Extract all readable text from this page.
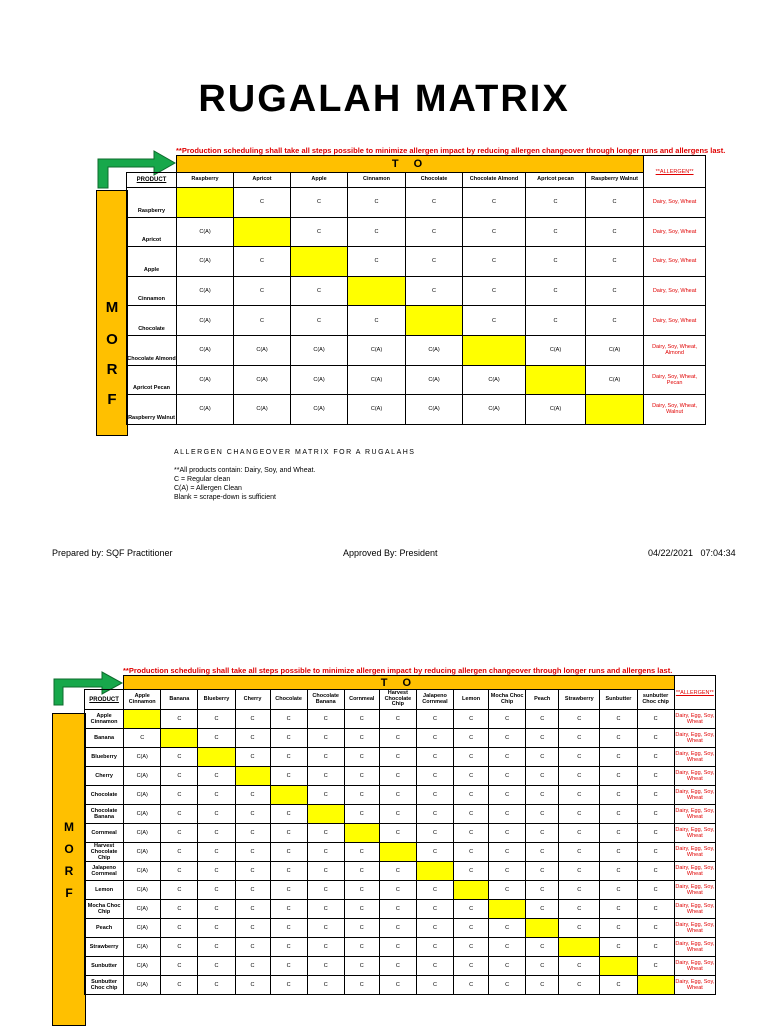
RUGALAH MATRIX
**Production scheduling shall take all steps possible to minimize allergen impact by reducing allergen changeover through longer runs and allergens last.
F
R
O
M
	T O								**ALLERGEN**
PRODUCT	Raspberry	Apricot	Apple	Cinnamon	Chocolate	Chocolate Almond	Apricot pecan	Raspberry Walnut	
Raspberry		C	C	C	C	C	C	C	Dairy, Soy, Wheat
Apricot	C(A)		C	C	C	C	C	C	Dairy, Soy, Wheat
Apple	C(A)	C		C	C	C	C	C	Dairy, Soy, Wheat
Cinnamon	C(A)	C	C		C	C	C	C	Dairy, Soy, Wheat
Chocolate	C(A)	C	C	C		C	C	C	Dairy, Soy, Wheat
Chocolate Almond	C(A)	C(A)	C(A)	C(A)	C(A)		C(A)	C(A)	Dairy, Soy, Wheat, Almond
Apricot Pecan	C(A)	C(A)	C(A)	C(A)	C(A)	C(A)		C(A)	Dairy, Soy, Wheat, Pecan
Raspberry Walnut	C(A)	C(A)	C(A)	C(A)	C(A)	C(A)	C(A)		Dairy, Soy, Wheat, Walnut
ALLERGEN CHANGEOVER MATRIX FOR A RUGALAHS
**All products contain: Dairy, Soy, and Wheat.
C = Regular clean
C(A) = Allergen Clean
Blank = scrape-down is sufficient
Prepared by: SQF Practitioner	Approved By: President	04/22/2021   07:04:34
**Production scheduling shall take all steps possible to minimize allergen impact by reducing allergen changeover through longer runs and allergens last.
F
R
O
M
	T O															**ALLERGEN**
PRODUCT	Apple Cinnamon	Banana	Blueberry	Cherry	Chocolate	Chocolate Banana	Cornmeal	Harvest Chocolate Chip	Jalapeno Cornmeal	Lemon	Mocha Choc Chip	Peach	Strawberry	Sunbutter	sunbutter Choc chip	
Apple Cinnamon		C	C	C	C	C	C	C	C	C	C	C	C	C	C	Dairy, Egg, Soy, Wheat
Banana	C		C	C	C	C	C	C	C	C	C	C	C	C	C	Dairy, Egg, Soy, Wheat
Blueberry	C(A)	C		C	C	C	C	C	C	C	C	C	C	C	C	Dairy, Egg, Soy, Wheat
Cherry	C(A)	C	C		C	C	C	C	C	C	C	C	C	C	C	Dairy, Egg, Soy, Wheat
Chocolate	C(A)	C	C	C		C	C	C	C	C	C	C	C	C	C	Dairy, Egg, Soy, Wheat
Chocolate Banana	C(A)	C	C	C	C		C	C	C	C	C	C	C	C	C	Dairy, Egg, Soy, Wheat
Cornmeal	C(A)	C	C	C	C	C		C	C	C	C	C	C	C	C	Dairy, Egg, Soy, Wheat
Harvest Chocolate Chip	C(A)	C	C	C	C	C	C		C	C	C	C	C	C	C	Dairy, Egg, Soy, Wheat
Jalapeno Cornmeal	C(A)	C	C	C	C	C	C	C		C	C	C	C	C	C	Dairy, Egg, Soy, Wheat
Lemon	C(A)	C	C	C	C	C	C	C	C		C	C	C	C	C	Dairy, Egg, Soy, Wheat
Mocha Choc Chip	C(A)	C	C	C	C	C	C	C	C	C		C	C	C	C	Dairy, Egg, Soy, Wheat
Peach	C(A)	C	C	C	C	C	C	C	C	C	C		C	C	C	Dairy, Egg, Soy, Wheat
Strawberry	C(A)	C	C	C	C	C	C	C	C	C	C	C		C	C	Dairy, Egg, Soy, Wheat
Sunbutter	C(A)	C	C	C	C	C	C	C	C	C	C	C	C		C	Dairy, Egg, Soy, Wheat
Sunbutter Choc chip	C(A)	C	C	C	C	C	C	C	C	C	C	C	C	C		Dairy, Egg, Soy, Wheat
